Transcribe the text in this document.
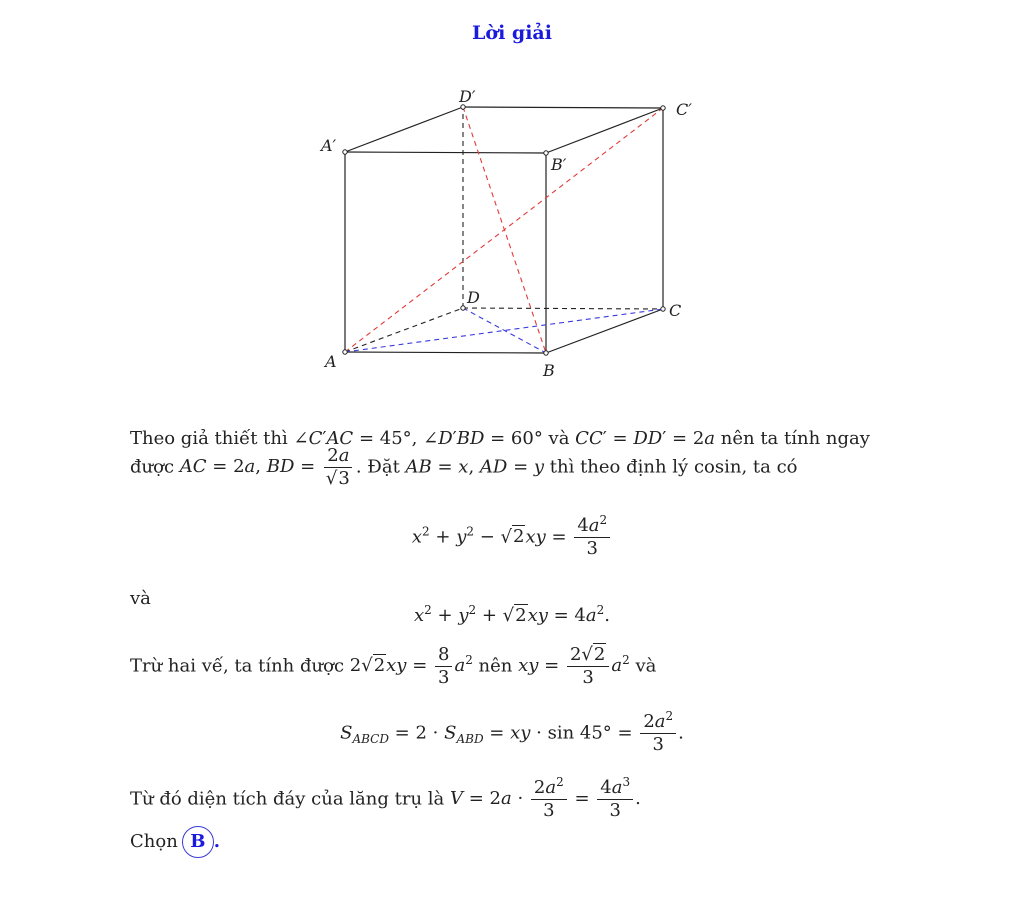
Lời giải
A	B
C
D
A′
B′
C′
D′
Theo giả thiết thì ∠C′AC = 45°, ∠D′BD = 60° và CC′ = DD′ = 2a nên ta tính ngay
được AC = 2a, BD = $\frac{2a}{√3}$ . Đặt AB = x, AD = y thì theo định lý cosin, ta có
$x^2 + y^2 - √2xy = \frac{4a^2}{3}$
và
$x^2 + y^2 + √2xy = 4a^2$.
Trừ hai vế, ta tính được $2√2xy = \frac{8}{3} a^2$ nên xy = $\frac{2√2}{3} a^2$ và
$S_{ABCD} = 2 \cdot S_{ABD}$ = xy · $\sin 45^\circ = \frac{2a^2}{3}$ .
Từ đó diện tích đáy của lăng trụ là $V = 2a \cdot \frac{2a^2}{3} = \frac{4a^3}{3}$ .
Chọn B .
